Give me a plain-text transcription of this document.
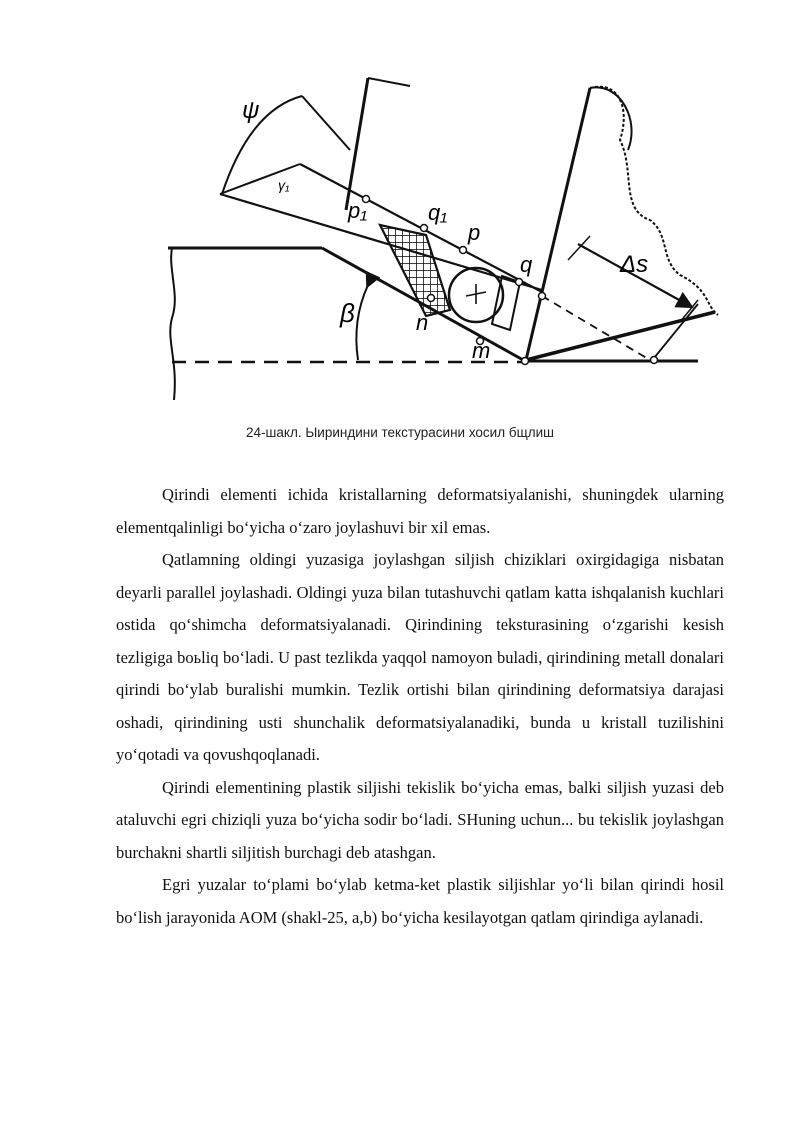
ψ
γ₁
p₁	q₁
p
q
n
m
β
Δs
24-шакл. Ыириндини текстурасини хосил бщлиш

Qirindi elementi ichida kristallarning deformatsiyalanishi, shuningdek ularning elementqalinligi bo‘yicha o‘zaro joylashuvi bir xil emas.

Qatlamning oldingi yuzasiga joylashgan siljish chiziklari oxirgidagiga nisbatan deyarli parallel joylashadi. Oldingi yuza bilan tutashuvchi qatlam katta ishqalanish kuchlari ostida qo‘shimcha deformatsiyalanadi. Qirindining teksturasining o‘zgarishi kesish tezligiga boьliq bo‘ladi. U past tezlikda yaqqol namoyon buladi, qirindining metall donalari qirindi bo‘ylab buralishi mumkin. Tezlik ortishi bilan qirindining deformatsiya darajasi oshadi, qirindining usti shunchalik deformatsiyalanadiki, bunda u kristall tuzilishini yo‘qotadi va qovushqoqlanadi.

Qirindi elementining plastik siljishi tekislik bo‘yicha emas, balki siljish yuzasi deb ataluvchi egri chiziqli yuza bo‘yicha sodir bo‘ladi. SHuning uchun... bu tekislik joylashgan burchakni shartli siljitish burchagi deb atashgan.

Egri yuzalar to‘plami bo‘ylab ketma-ket plastik siljishlar yo‘li bilan qirindi hosil bo‘lish jarayonida AOM (shakl-25, a,b) bo‘yicha kesilayotgan qatlam qirindiga aylanadi.
